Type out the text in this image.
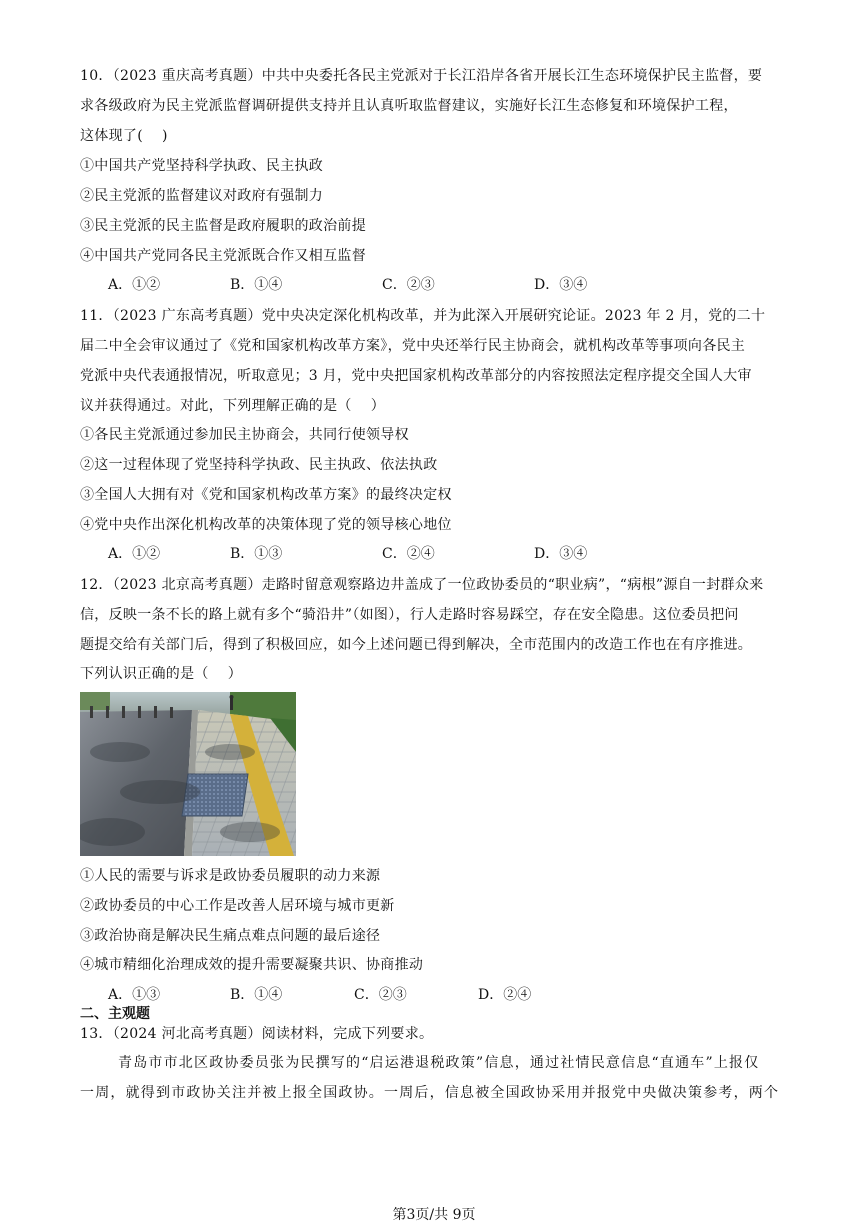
10．（2023 重庆高考真题）中共中央委托各民主党派对于长江沿岸各省开展长江生态环境保护民主监督，要
求各级政府为民主党派监督调研提供支持并且认真听取监督建议，实施好长江生态修复和环境保护工程，
这体现了(　 )
①中国共产党坚持科学执政、民主执政
②民主党派的监督建议对政府有强制力
③民主党派的民主监督是政府履职的政治前提
④中国共产党同各民主党派既合作又相互监督
A．①②	B．①④	C．②③	D．③④
11．（2023 广东高考真题）党中央决定深化机构改革，并为此深入开展研究论证。2023 年 2 月，党的二十
届二中全会审议通过了《党和国家机构改革方案》，党中央还举行民主协商会，就机构改革等事项向各民主
党派中央代表通报情况，听取意见；3 月，党中央把国家机构改革部分的内容按照法定程序提交全国人大审
议并获得通过。对此，下列理解正确的是（　 ）
①各民主党派通过参加民主协商会，共同行使领导权
②这一过程体现了党坚持科学执政、民主执政、依法执政
③全国人大拥有对《党和国家机构改革方案》的最终决定权
④党中央作出深化机构改革的决策体现了党的领导核心地位
A．①②	B．①③	C．②④	D．③④
12．（2023 北京高考真题）走路时留意观察路边井盖成了一位政协委员的“职业病”，“病根”源自一封群众来
信，反映一条不长的路上就有多个“骑沿井”（如图），行人走路时容易踩空，存在安全隐患。这位委员把问
题提交给有关部门后，得到了积极回应，如今上述问题已得到解决，全市范围内的改造工作也在有序推进。
下列认识正确的是（　 ）
①人民的需要与诉求是政协委员履职的动力来源
②政协委员的中心工作是改善人居环境与城市更新
③政治协商是解决民生痛点难点问题的最后途径
④城市精细化治理成效的提升需要凝聚共识、协商推动
A．①③	B．①④	C．②③	D．②④
二、主观题
13．（2024 河北高考真题）阅读材料，完成下列要求。
青岛市市北区政协委员张为民撰写的“启运港退税政策”信息，通过社情民意信息“直通车”上报仅
一周，就得到市政协关注并被上报全国政协。一周后，信息被全国政协采用并报党中央做决策参考，两个
第3页/共 9页
